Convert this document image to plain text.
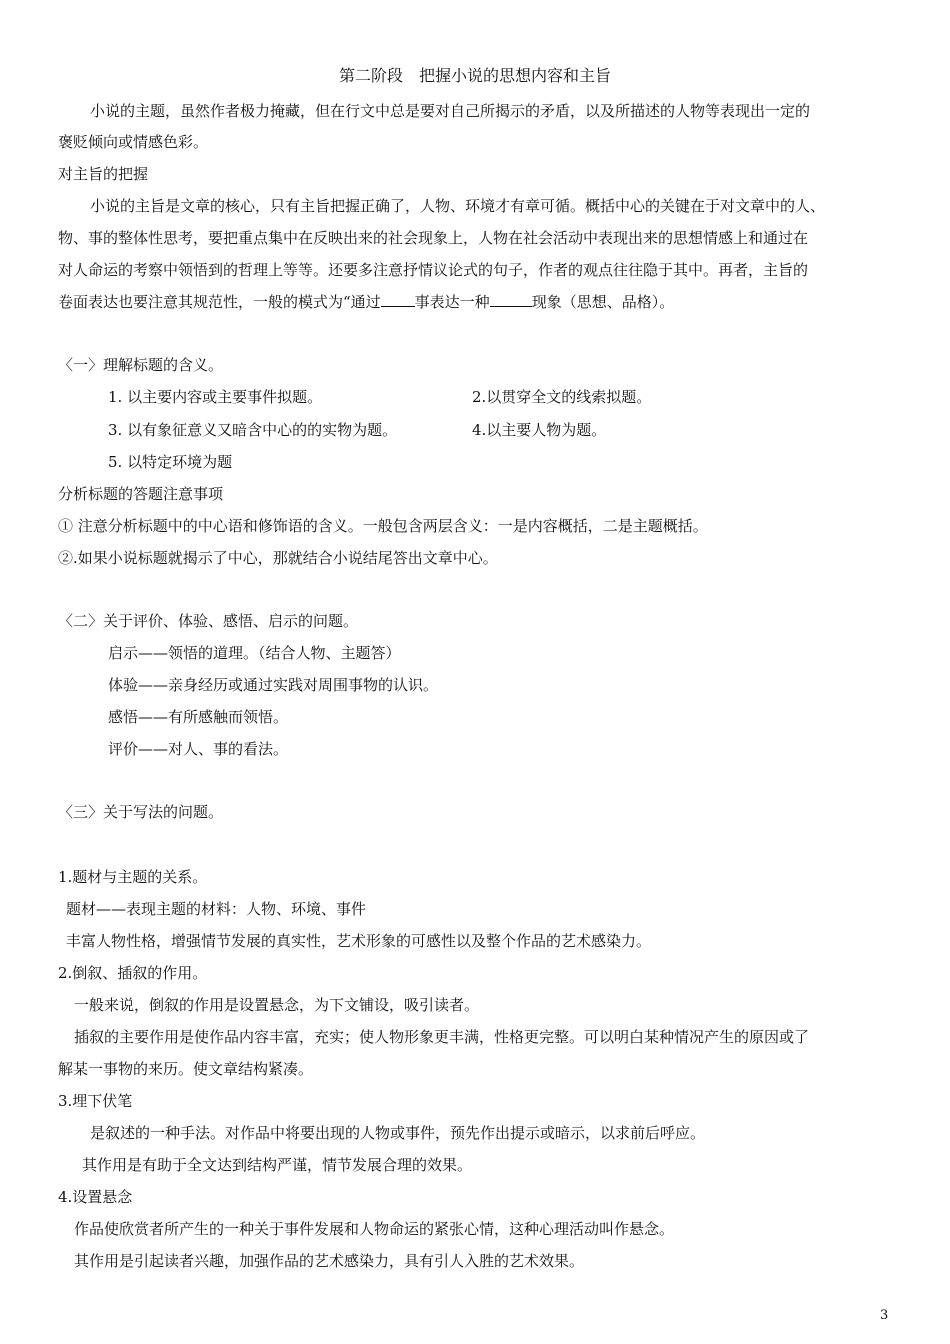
第二阶段　把握小说的思想内容和主旨
小说的主题，虽然作者极力掩藏，但在行文中总是要对自己所揭示的矛盾，以及所描述的人物等表现出一定的
褒贬倾向或情感色彩。
对主旨的把握
小说的主旨是文章的核心，只有主旨把握正确了，人物、环境才有章可循。概括中心的关键在于对文章中的人、
物、事的整体性思考，要把重点集中在反映出来的社会现象上，人物在社会活动中表现出来的思想情感上和通过在
对人命运的考察中领悟到的哲理上等等。还要多注意抒情议论式的句子，作者的观点往往隐于其中。再者，主旨的
卷面表达也要注意其规范性，一般的模式为“通过 事表达一种	现象（思想、品格）。
〈一〉理解标题的含义。
1. 以主要内容或主要事件拟题。	2.以贯穿全文的线索拟题。
3. 以有象征意义又暗含中心的的实物为题。	4.以主要人物为题。
5. 以特定环境为题
分析标题的答题注意事项
① 注意分析标题中的中心语和修饰语的含义。一般包含两层含义：一是内容概括，二是主题概括。
②.如果小说标题就揭示了中心，那就结合小说结尾答出文章中心。
〈二〉关于评价、体验、感悟、启示的问题。
启示——领悟的道理。（结合人物、主题答）
体验——亲身经历或通过实践对周围事物的认识。
感悟——有所感触而领悟。
评价——对人、事的看法。
〈三〉关于写法的问题。
1.题材与主题的关系。
题材——表现主题的材料：人物、环境、事件
丰富人物性格，增强情节发展的真实性，艺术形象的可感性以及整个作品的艺术感染力。
2.倒叙、插叙的作用。
一般来说，倒叙的作用是设置悬念，为下文铺设，吸引读者。
插叙的主要作用是使作品内容丰富，充实；使人物形象更丰满，性格更完整。可以明白某种情况产生的原因或了
解某一事物的来历。使文章结构紧凑。
3.埋下伏笔
是叙述的一种手法。对作品中将要出现的人物或事件，预先作出提示或暗示，以求前后呼应。
其作用是有助于全文达到结构严谨，情节发展合理的效果。
4.设置悬念
作品使欣赏者所产生的一种关于事件发展和人物命运的紧张心情，这种心理活动叫作悬念。
其作用是引起读者兴趣，加强作品的艺术感染力，具有引人入胜的艺术效果。
3
